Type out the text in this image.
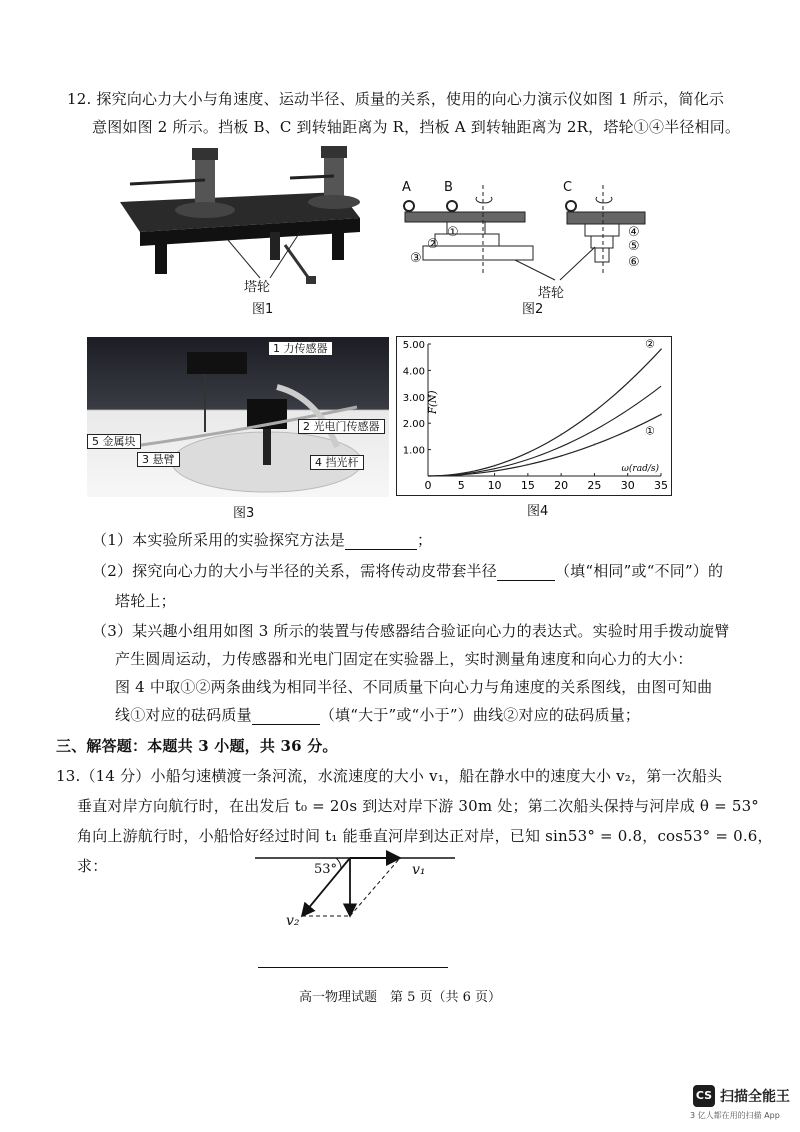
12. 探究向心力大小与角速度、运动半径、质量的关系，使用的向心力演示仪如图 1 所示，简化示
意图如图 2 所示。挡板 B、C 到转轴距离为 R，挡板 A 到转轴距离为 2R，塔轮①④半径相同。
塔轮
图1
A	B	C
①
②
③
④
⑤
⑥
塔轮
图2
1 力传感器
2 光电门传感器
3 悬臂	4 挡光杆
5 金属块
图3
0 5 10 15 20 25 30 35
1.00
2.00
3.00
4.00
5.00
F(N)
ω(rad/s)
①
②
图4
（1）本实验所采用的实验探究方法是	；
（2）探究向心力的大小与半径的关系，需将传动皮带套半径	（填“相同”或“不同”）的
塔轮上；
（3）某兴趣小组用如图 3 所示的装置与传感器结合验证向心力的表达式。实验时用手拨动旋臂
产生圆周运动，力传感器和光电门固定在实验器上，实时测量角速度和向心力的大小：
图 4 中取①②两条曲线为相同半径、不同质量下向心力与角速度的关系图线，由图可知曲
线①对应的砝码质量	（填“大于”或“小于”）曲线②对应的砝码质量；
三、解答题：本题共 3 小题，共 36 分。
13.（14 分）小船匀速横渡一条河流，水流速度的大小 v₁，船在静水中的速度大小 v₂，第一次船头
垂直对岸方向航行时，在出发后 t₀ = 20s 到达对岸下游 30m 处；第二次船头保持与河岸成 θ = 53°
角向上游航行时，小船恰好经过时间 t₁ 能垂直河岸到达正对岸，已知 sin53° = 0.8，cos53° = 0.6，
求：	53°	v₁
v₂
高一物理试题　第 5 页（共 6 页）
CS 扫描全能王
3 亿人都在用的扫描 App
